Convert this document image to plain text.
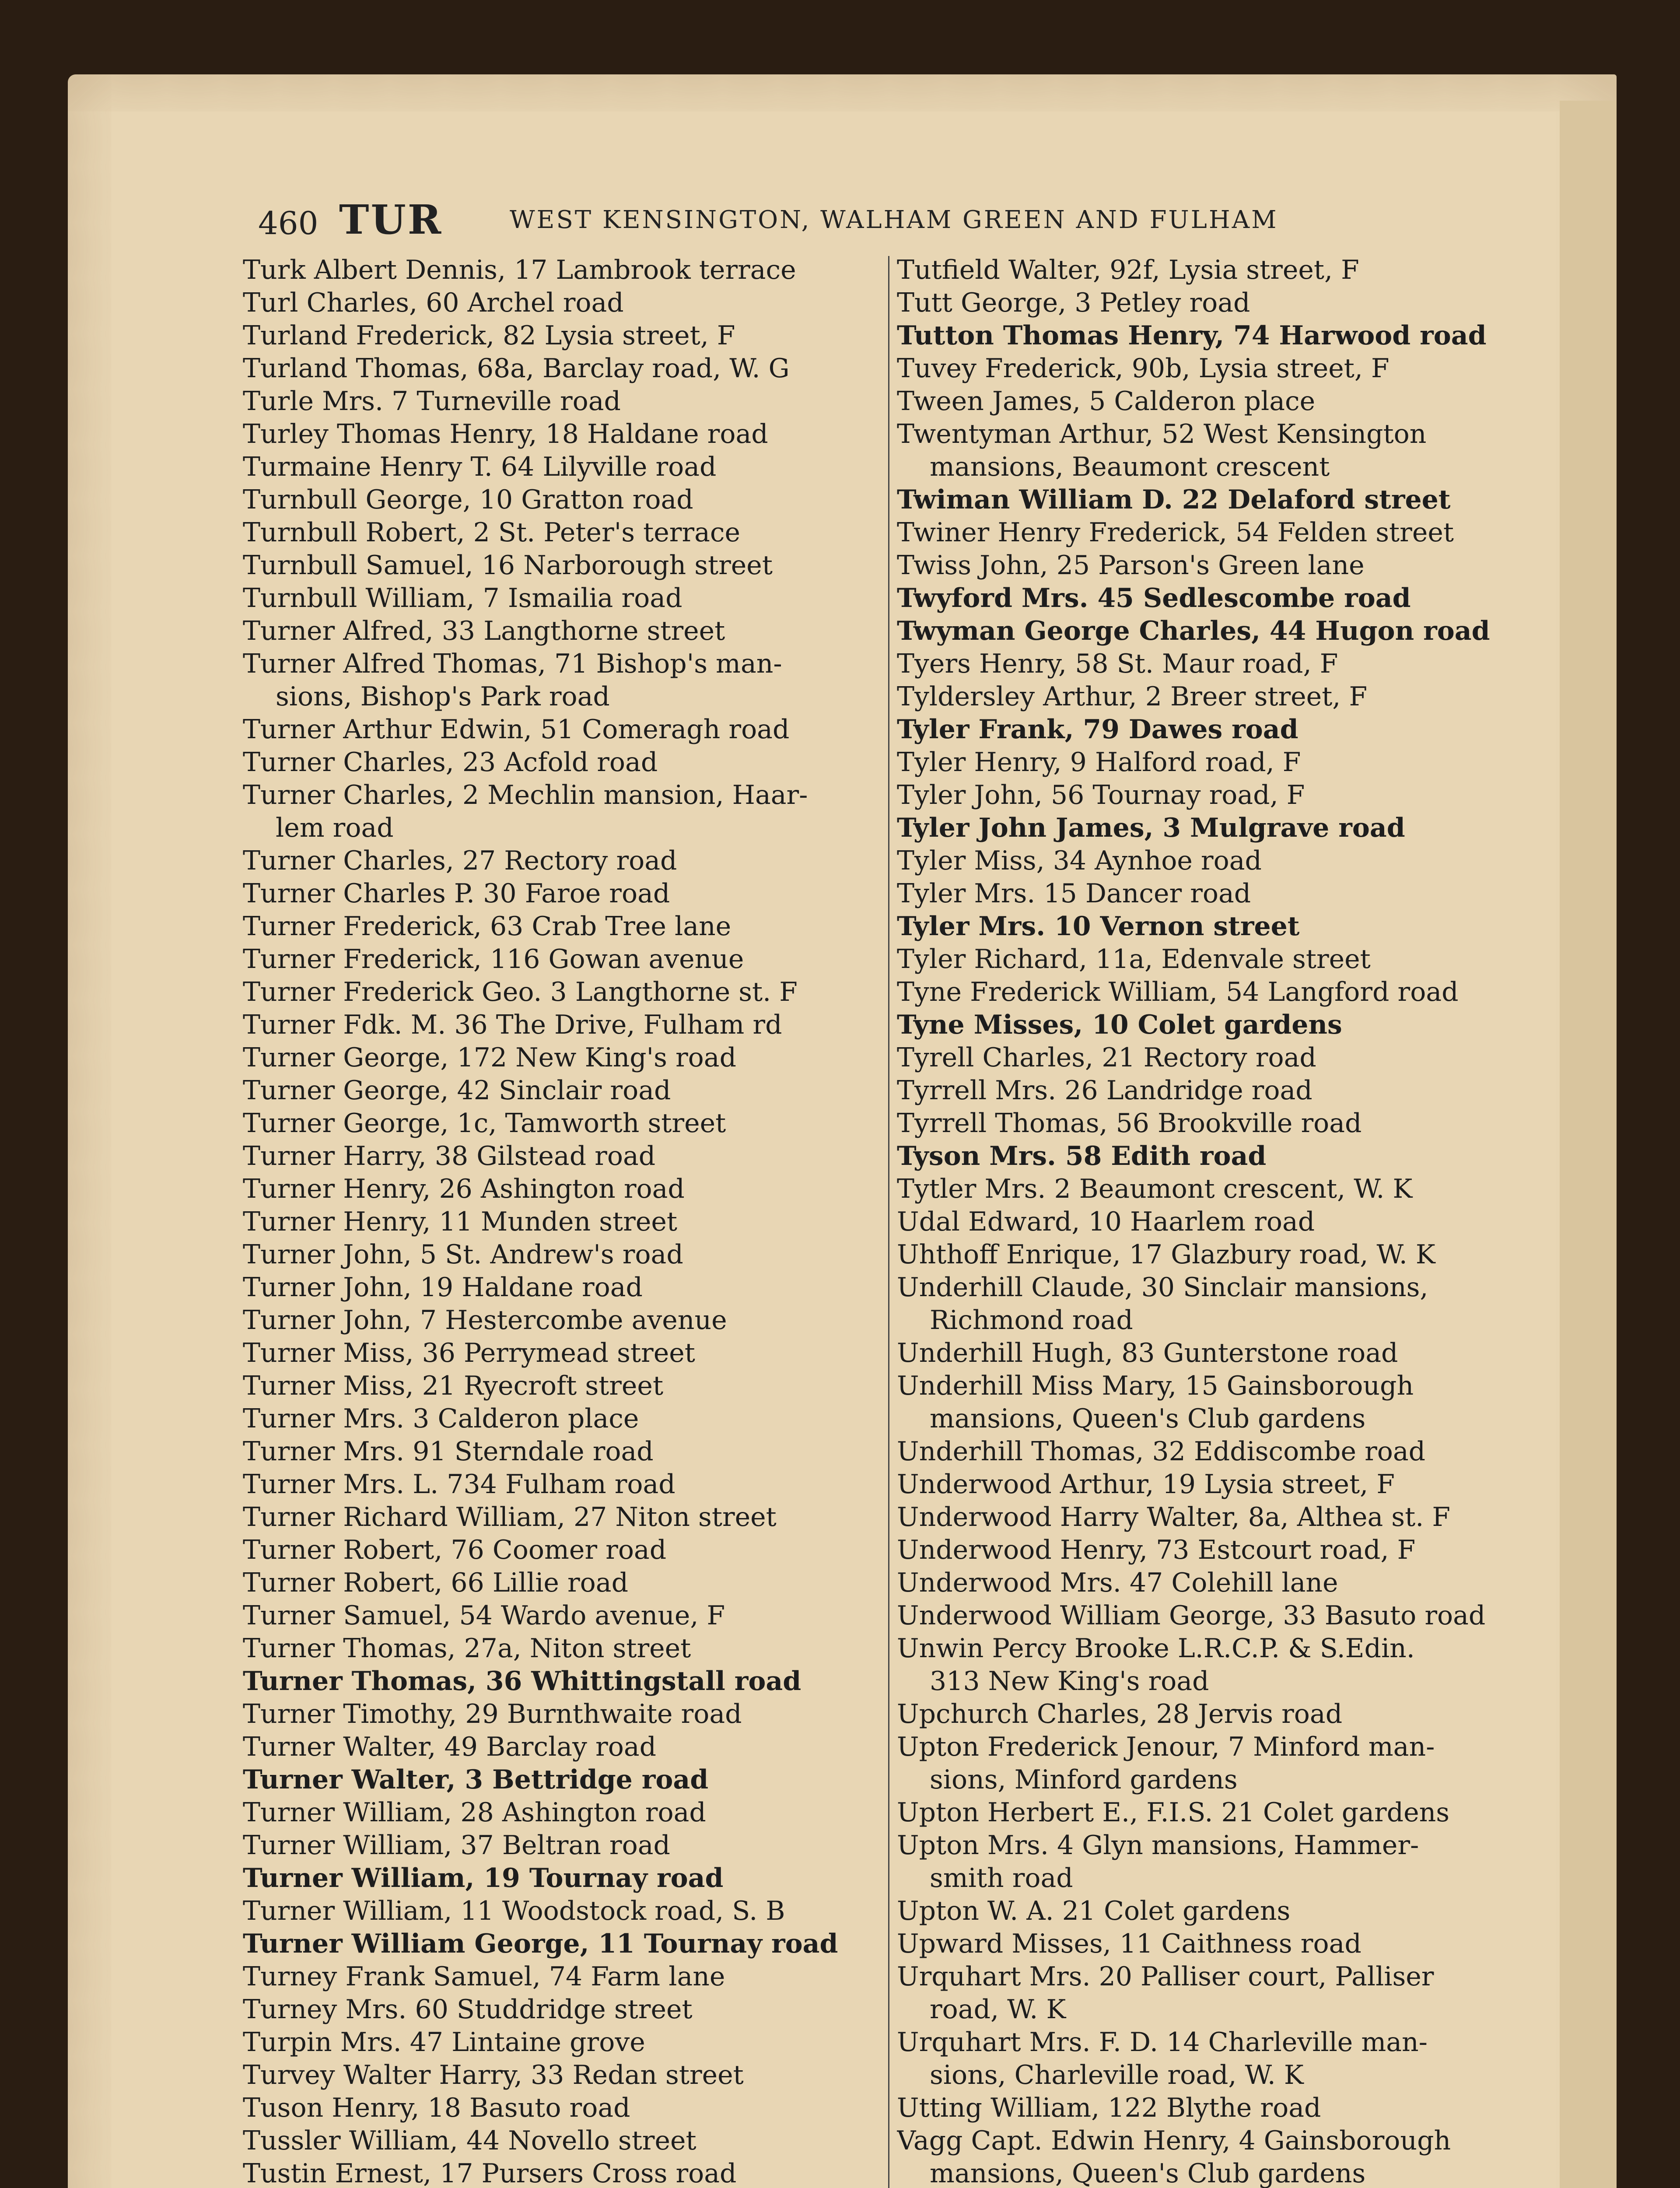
460 TUR	WEST KENSINGTON, WALHAM GREEN AND FULHAM
Turk Albert Dennis, 17 Lambrook terrace
Turl Charles, 60 Archel road
Turland Frederick, 82 Lysia street, F
Turland Thomas, 68a, Barclay road, W. G
Turle Mrs. 7 Turneville road
Turley Thomas Henry, 18 Haldane road
Turmaine Henry T. 64 Lilyville road
Turnbull George, 10 Gratton road
Turnbull Robert, 2 St. Peter's terrace
Turnbull Samuel, 16 Narborough street
Turnbull William, 7 Ismailia road
Turner Alfred, 33 Langthorne street
Turner Alfred Thomas, 71 Bishop's man-
sions, Bishop's Park road
Turner Arthur Edwin, 51 Comeragh road
Turner Charles, 23 Acfold road
Turner Charles, 2 Mechlin mansion, Haar-
lem road
Turner Charles, 27 Rectory road
Turner Charles P. 30 Faroe road
Turner Frederick, 63 Crab Tree lane
Turner Frederick, 116 Gowan avenue
Turner Frederick Geo. 3 Langthorne st. F
Turner Fdk. M. 36 The Drive, Fulham rd
Turner George, 172 New King's road
Turner George, 42 Sinclair road
Turner George, 1c, Tamworth street
Turner Harry, 38 Gilstead road
Turner Henry, 26 Ashington road
Turner Henry, 11 Munden street
Turner John, 5 St. Andrew's road
Turner John, 19 Haldane road
Turner John, 7 Hestercombe avenue
Turner Miss, 36 Perrymead street
Turner Miss, 21 Ryecroft street
Turner Mrs. 3 Calderon place
Turner Mrs. 91 Sterndale road
Turner Mrs. L. 734 Fulham road
Turner Richard William, 27 Niton street
Turner Robert, 76 Coomer road
Turner Robert, 66 Lillie road
Turner Samuel, 54 Wardo avenue, F
Turner Thomas, 27a, Niton street
Turner Thomas, 36 Whittingstall road
Turner Timothy, 29 Burnthwaite road
Turner Walter, 49 Barclay road
Turner Walter, 3 Bettridge road
Turner William, 28 Ashington road
Turner William, 37 Beltran road
Turner William, 19 Tournay road
Turner William, 11 Woodstock road, S. B
Turner William George, 11 Tournay road
Turney Frank Samuel, 74 Farm lane
Turney Mrs. 60 Studdridge street
Turpin Mrs. 47 Lintaine grove
Turvey Walter Harry, 33 Redan street
Tuson Henry, 18 Basuto road
Tussler William, 44 Novello street
Tustin Ernest, 17 Pursers Cross road
Tutfield Walter, 92f, Lysia street, F
Tutt George, 3 Petley road
Tutton Thomas Henry, 74 Harwood road
Tuvey Frederick, 90b, Lysia street, F
Tween James, 5 Calderon place
Twentyman Arthur, 52 West Kensington
mansions, Beaumont crescent
Twiman William D. 22 Delaford street
Twiner Henry Frederick, 54 Felden street
Twiss John, 25 Parson's Green lane
Twyford Mrs. 45 Sedlescombe road
Twyman George Charles, 44 Hugon road
Tyers Henry, 58 St. Maur road, F
Tyldersley Arthur, 2 Breer street, F
Tyler Frank, 79 Dawes road
Tyler Henry, 9 Halford road, F
Tyler John, 56 Tournay road, F
Tyler John James, 3 Mulgrave road
Tyler Miss, 34 Aynhoe road
Tyler Mrs. 15 Dancer road
Tyler Mrs. 10 Vernon street
Tyler Richard, 11a, Edenvale street
Tyne Frederick William, 54 Langford road
Tyne Misses, 10 Colet gardens
Tyrell Charles, 21 Rectory road
Tyrrell Mrs. 26 Landridge road
Tyrrell Thomas, 56 Brookville road
Tyson Mrs. 58 Edith road
Tytler Mrs. 2 Beaumont crescent, W. K
Udal Edward, 10 Haarlem road
Uhthoff Enrique, 17 Glazbury road, W. K
Underhill Claude, 30 Sinclair mansions,
Richmond road
Underhill Hugh, 83 Gunterstone road
Underhill Miss Mary, 15 Gainsborough
mansions, Queen's Club gardens
Underhill Thomas, 32 Eddiscombe road
Underwood Arthur, 19 Lysia street, F
Underwood Harry Walter, 8a, Althea st. F
Underwood Henry, 73 Estcourt road, F
Underwood Mrs. 47 Colehill lane
Underwood William George, 33 Basuto road
Unwin Percy Brooke L.R.C.P. & S.Edin.
313 New King's road
Upchurch Charles, 28 Jervis road
Upton Frederick Jenour, 7 Minford man-
sions, Minford gardens
Upton Herbert E., F.I.S. 21 Colet gardens
Upton Mrs. 4 Glyn mansions, Hammer-
smith road
Upton W. A. 21 Colet gardens
Upward Misses, 11 Caithness road
Urquhart Mrs. 20 Palliser court, Palliser
road, W. K
Urquhart Mrs. F. D. 14 Charleville man-
sions, Charleville road, W. K
Utting William, 122 Blythe road
Vagg Capt. Edwin Henry, 4 Gainsborough
mansions, Queen's Club gardens
